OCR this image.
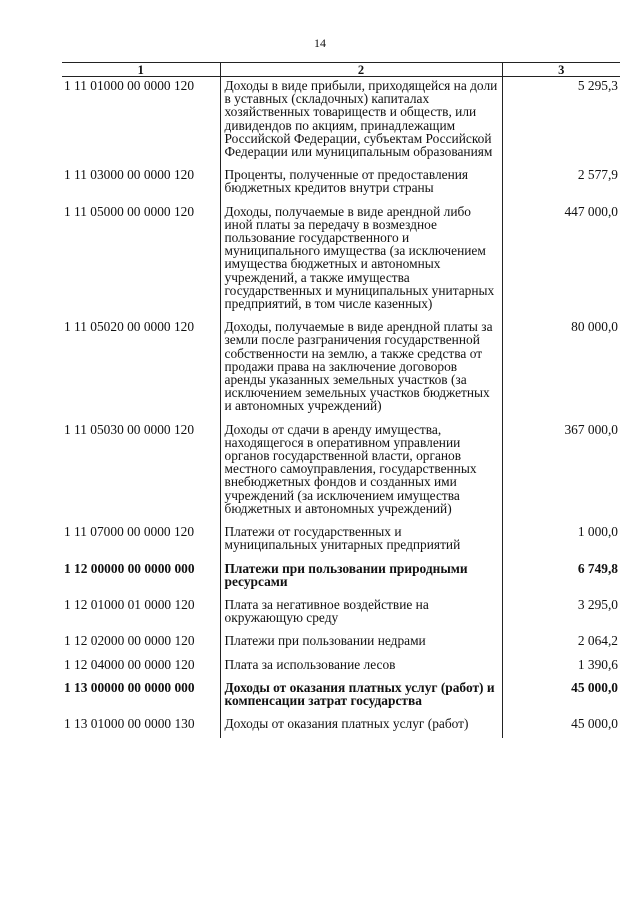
14
1	2	3
1 11 01000 00 0000 120	Доходы в виде прибыли, приходящейся на доли в уставных (складочных) капиталах хозяйственных товариществ и обществ, или дивидендов по акциям, принадлежащим Российской Федерации, субъектам Российской Федерации или муниципальным образованиям	5 295,3
1 11 03000 00 0000 120	Проценты, полученные от предоставления бюджетных кредитов внутри страны	2 577,9
1 11 05000 00 0000 120	Доходы, получаемые в виде арендной либо иной платы за передачу в возмездное пользование государственного и муниципального имущества (за исключением имущества бюджетных и автономных учреждений, а также имущества государственных и муниципальных унитарных предприятий, в том числе казенных)	447 000,0
1 11 05020 00 0000 120	Доходы, получаемые в виде арендной платы за земли после разграничения государственной собственности на землю, а также средства от продажи права на заключение договоров аренды указанных земельных участков (за исключением земельных участков бюджетных и автономных учреждений)	80 000,0
1 11 05030 00 0000 120	Доходы от сдачи в аренду имущества, находящегося в оперативном управлении органов государственной власти, органов местного самоуправления, государственных внебюджетных фондов и созданных ими учреждений (за исключением имущества бюджетных и автономных учреждений)	367 000,0
1 11 07000 00 0000 120	Платежи от государственных и муниципальных унитарных предприятий	1 000,0
1 12 00000 00 0000 000	Платежи при пользовании природными ресурсами	6 749,8
1 12 01000 01 0000 120	Плата за негативное воздействие на окружающую среду	3 295,0
1 12 02000 00 0000 120	Платежи при пользовании недрами	2 064,2
1 12 04000 00 0000 120	Плата за использование лесов	1 390,6
1 13 00000 00 0000 000	Доходы от оказания платных услуг (работ) и компенсации затрат государства	45 000,0
1 13 01000 00 0000 130	Доходы от оказания платных услуг (работ)	45 000,0
